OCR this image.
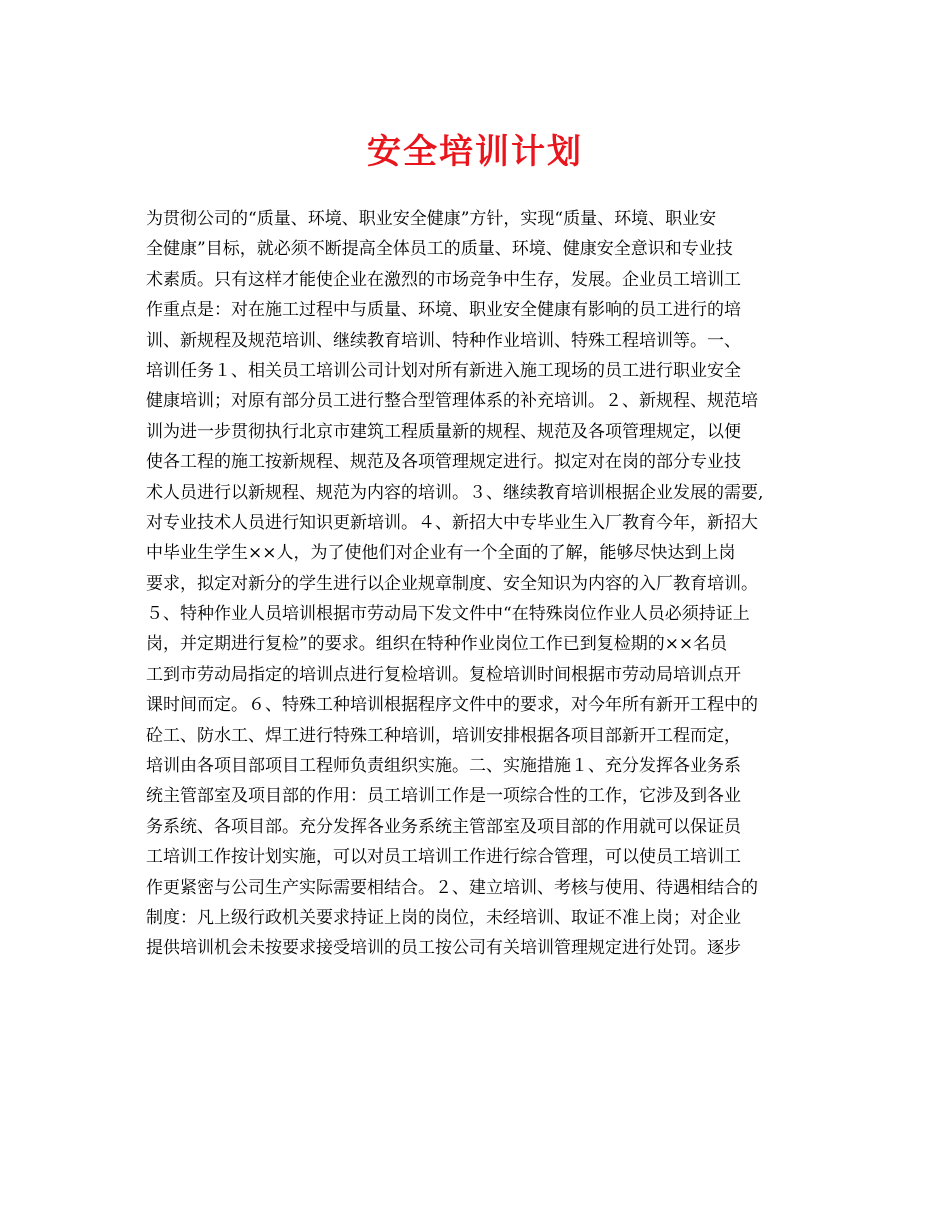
安全培训计划
为贯彻公司的“质量、环境、职业安全健康”方针，实现“质量、环境、职业安
全健康”目标，就必须不断提高全体员工的质量、环境、健康安全意识和专业技
术素质。只有这样才能使企业在激烈的市场竞争中生存，发展。企业员工培训工
作重点是：对在施工过程中与质量、环境、职业安全健康有影响的员工进行的培
训、新规程及规范培训、继续教育培训、特种作业培训、特殊工程培训等。一、
培训任务１、相关员工培训公司计划对所有新进入施工现场的员工进行职业安全
健康培训；对原有部分员工进行整合型管理体系的补充培训。２、新规程、规范培
训为进一步贯彻执行北京市建筑工程质量新的规程、规范及各项管理规定，以便
使各工程的施工按新规程、规范及各项管理规定进行。拟定对在岗的部分专业技
术人员进行以新规程、规范为内容的培训。３、继续教育培训根据企业发展的需要,
对专业技术人员进行知识更新培训。４、新招大中专毕业生入厂教育今年，新招大
中毕业生学生××人，为了使他们对企业有一个全面的了解，能够尽快达到上岗
要求，拟定对新分的学生进行以企业规章制度、安全知识为内容的入厂教育培训。
５、特种作业人员培训根据市劳动局下发文件中“在特殊岗位作业人员必须持证上
岗，并定期进行复检”的要求。组织在特种作业岗位工作已到复检期的××名员
工到市劳动局指定的培训点进行复检培训。复检培训时间根据市劳动局培训点开
课时间而定。６、特殊工种培训根据程序文件中的要求，对今年所有新开工程中的
砼工、防水工、焊工进行特殊工种培训，培训安排根据各项目部新开工程而定，
培训由各项目部项目工程师负责组织实施。二、实施措施１、充分发挥各业务系
统主管部室及项目部的作用：员工培训工作是一项综合性的工作，它涉及到各业
务系统、各项目部。充分发挥各业务系统主管部室及项目部的作用就可以保证员
工培训工作按计划实施，可以对员工培训工作进行综合管理，可以使员工培训工
作更紧密与公司生产实际需要相结合。２、建立培训、考核与使用、待遇相结合的
制度：凡上级行政机关要求持证上岗的岗位，未经培训、取证不准上岗；对企业
提供培训机会未按要求接受培训的员工按公司有关培训管理规定进行处罚。逐步
